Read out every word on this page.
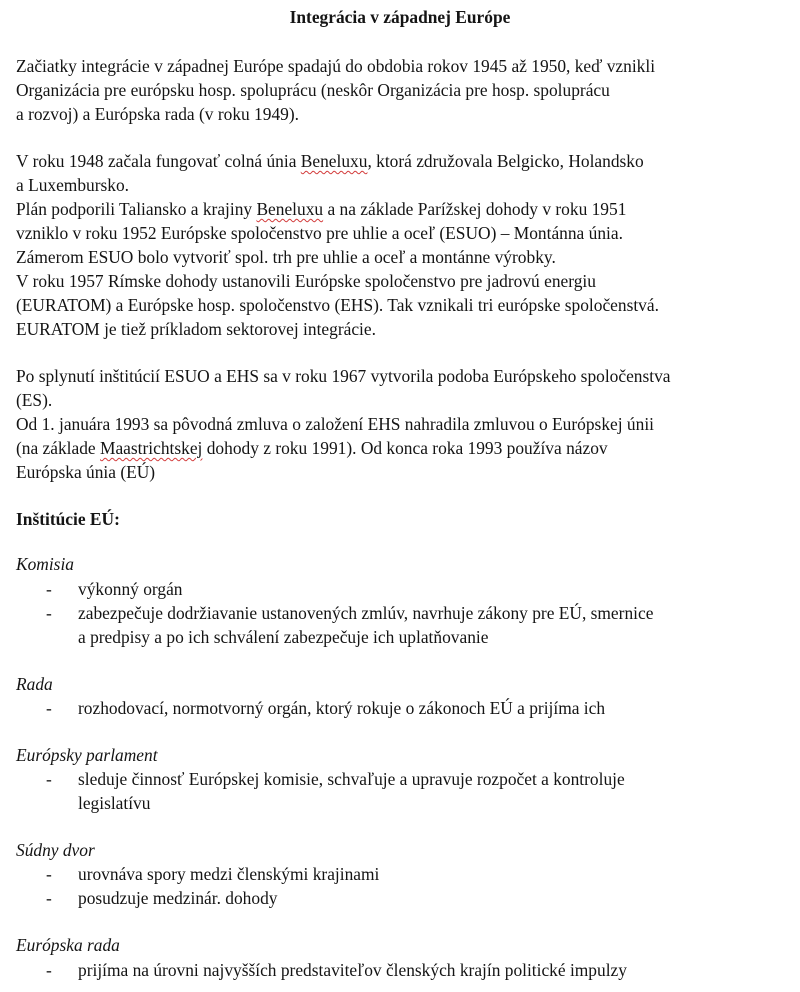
Integrácia v západnej Európe
Začiatky integrácie v západnej Európe spadajú do obdobia rokov 1945 až 1950, keď vznikli
Organizácia pre európsku hosp. spoluprácu (neskôr Organizácia pre hosp. spoluprácu
a rozvoj) a Európska rada (v roku 1949).
V roku 1948 začala fungovať colná únia Beneluxu, ktorá združovala Belgicko, Holandsko
a Luxembursko.
Plán podporili Taliansko a krajiny Beneluxu a na základe Parížskej dohody v roku 1951
vzniklo v roku 1952 Európske spoločenstvo pre uhlie a oceľ (ESUO) – Montánna únia.
Zámerom ESUO bolo vytvoriť spol. trh pre uhlie a oceľ a montánne výrobky.
V roku 1957 Rímske dohody ustanovili Európske spoločenstvo pre jadrovú energiu
(EURATOM) a Európske hosp. spoločenstvo (EHS). Tak vznikali tri európske spoločenstvá.
EURATOM je tiež príkladom sektorovej integrácie.
Po splynutí inštitúcií ESUO a EHS sa v roku 1967 vytvorila podoba Európskeho spoločenstva
(ES).
Od 1. januára 1993 sa pôvodná zmluva o založení EHS nahradila zmluvou o Európskej únii
(na základe Maastrichtskej dohody z roku 1991). Od konca roka 1993 používa názov
Európska únia (EÚ)
Inštitúcie EÚ:
Komisia
- výkonný orgán
- zabezpečuje dodržiavanie ustanovených zmlúv, navrhuje zákony pre EÚ, smernice
a predpisy a po ich schválení zabezpečuje ich uplatňovanie
Rada
- rozhodovací, normotvorný orgán, ktorý rokuje o zákonoch EÚ a prijíma ich
Európsky parlament
- sleduje činnosť Európskej komisie, schvaľuje a upravuje rozpočet a kontroluje
legislatívu
Súdny dvor
- urovnáva spory medzi členskými krajinami
- posudzuje medzinár. dohody
Európska rada
- prijíma na úrovni najvyšších predstaviteľov členských krajín politické impulzy
